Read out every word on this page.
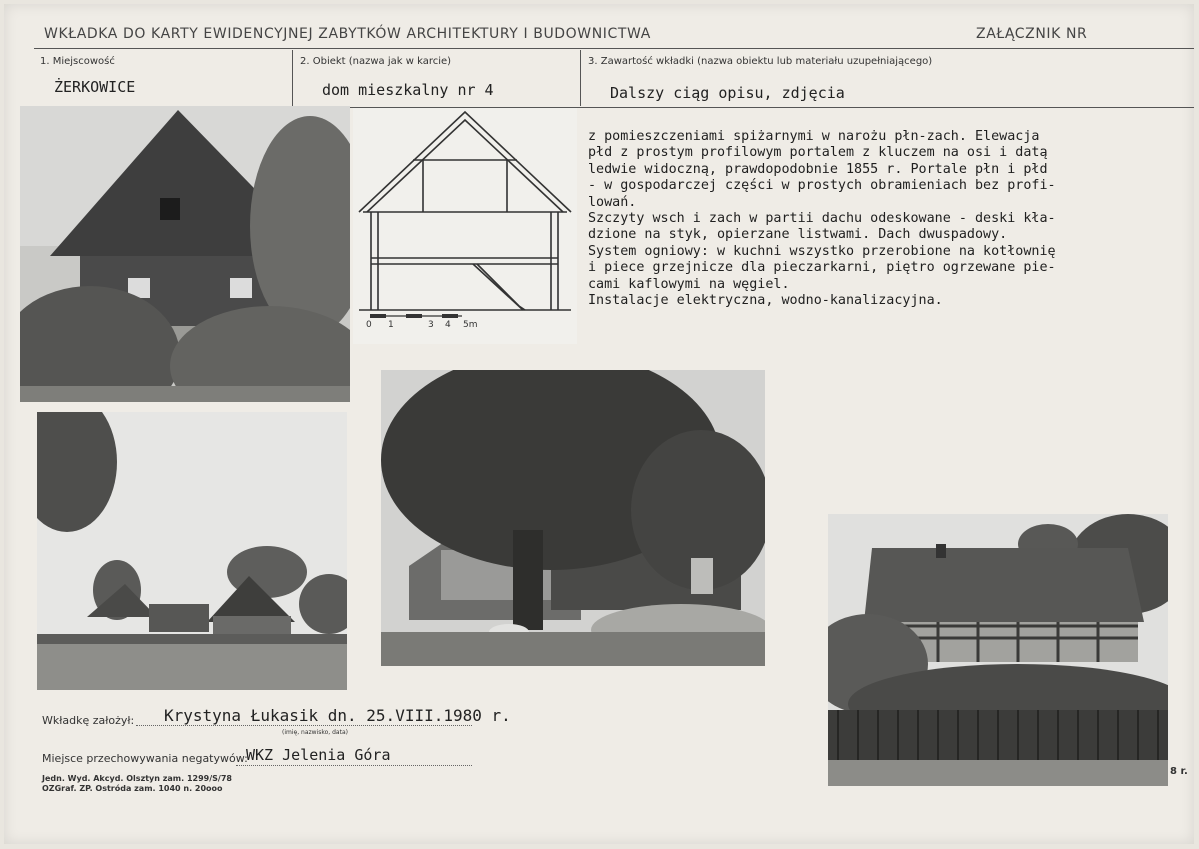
WKŁADKA DO KARTY EWIDENCYJNEJ ZABYTKÓW ARCHITEKTURY I BUDOWNICTWA	ZAŁĄCZNIK NR
1. Miejscowość
ŻERKOWICE
2. Obiekt (nazwa jak w karcie)
dom mieszkalny nr 4
3. Zawartość wkładki (nazwa obiektu lub materiału uzupełniającego)
Dalszy ciąg opisu, zdjęcia
0 1	3 4 5m
z pomieszczeniami spiżarnymi w narożu płn-zach. Elewacja
płd z prostym profilowym portalem z kluczem na osi i datą
ledwie widoczną, prawdopodobnie 1855 r. Portale płn i płd
- w gospodarczej części w prostych obramieniach bez profi-
lowań.
Szczyty wsch i zach w partii dachu odeskowane - deski kła-
dzione na styk, opierzane listwami. Dach dwuspadowy.
System ogniowy: w kuchni wszystko przerobione na kotłownię
i piece grzejnicze dla pieczarkarni, piętro ogrzewane pie-
cami kaflowymi na węgiel.
Instalacje elektryczna, wodno-kanalizacyjna.
Wkładkę założył: Krystyna Łukasik dn. 25.VIII.1980 r.
(imię, nazwisko, data)
Miejsce przechowywania negatywów:
WKZ Jelenia Góra
Jedn. Wyd. Akcyd. Olsztyn zam. 1299/S/78
OZGraf. ZP. Ostróda zam. 1040 n. 20ooo
8 r.
